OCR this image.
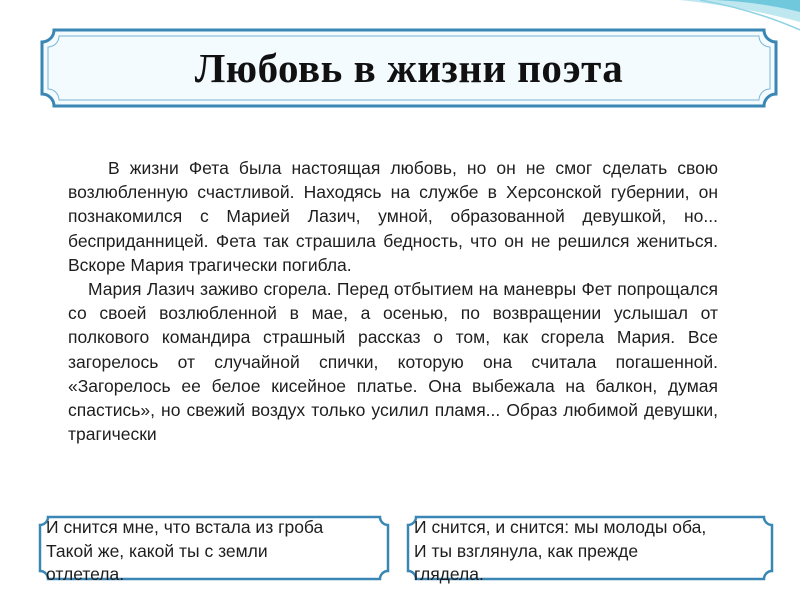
Любовь в жизни поэта

В жизни Фета была настоящая любовь, но он не смог сделать свою возлюбленную счастливой. Находясь на службе в Херсонской губернии, он познакомился с Марией Лазич, умной, образованной девушкой, но... бесприданницей. Фета так страшила бедность, что он не решился жениться. Вскоре Мария трагически погибла.

Мария Лазич заживо сгорела. Перед отбытием на маневры Фет попрощался со своей возлюбленной в мае, а осенью, по возвращении услышал от полкового командира страшный рассказ о том, как сгорела Мария. Все загорелось от случайной спички, которую она считала погашенной. «Загорелось ее белое кисейное платье. Она выбежала на балкон, думая спастись», но свежий воздух только усилил пламя... Образ любимой девушки, трагически

И снится мне, что встала из гроба
Такой же, какой ты с земли
отлетела.
И снится, и снится: мы молоды оба,
И ты взглянула, как прежде
глядела.
